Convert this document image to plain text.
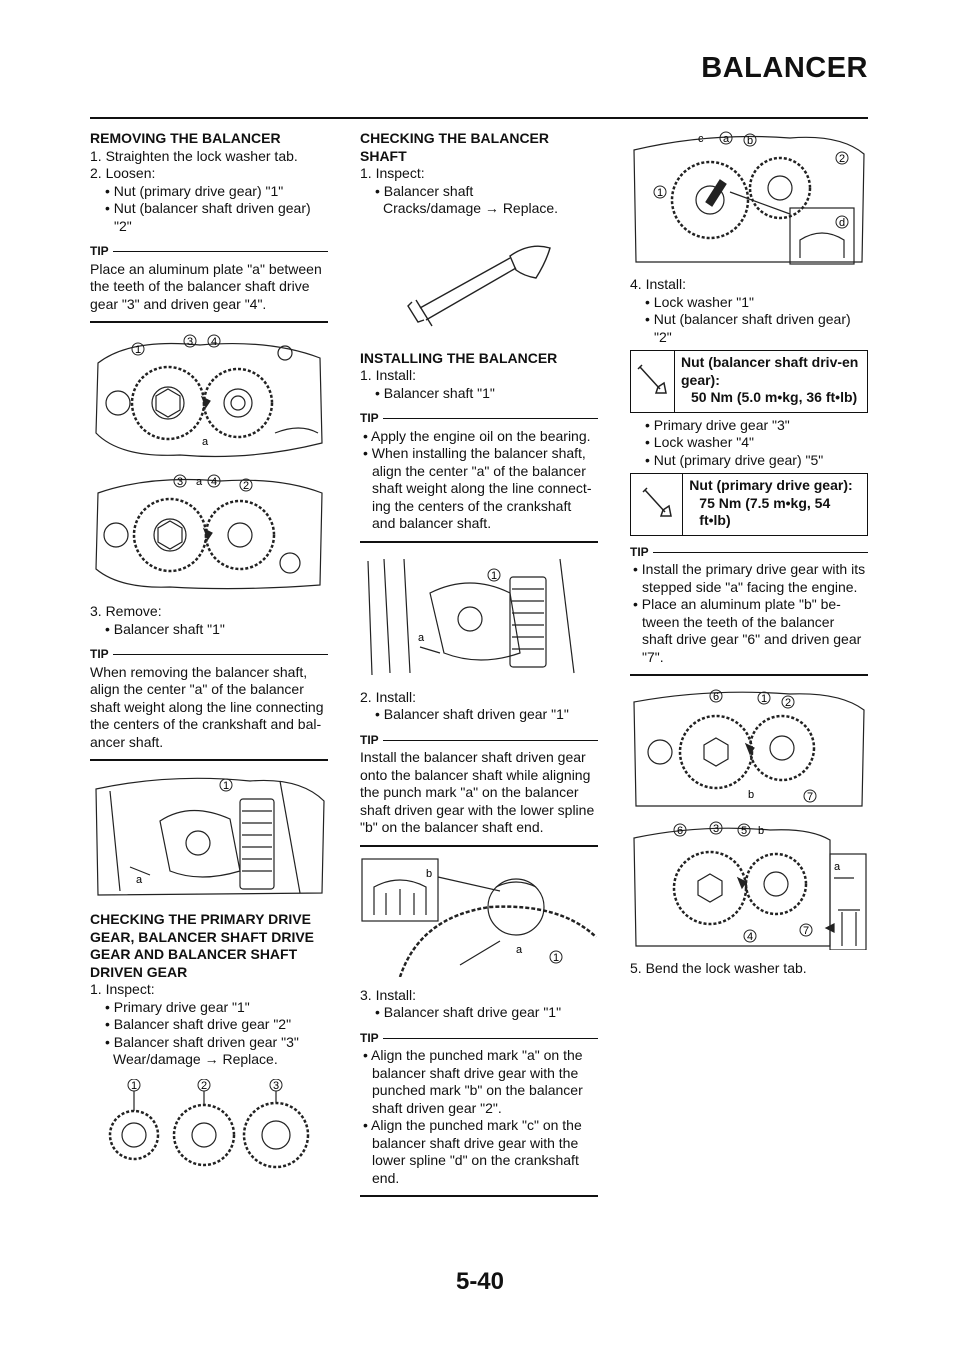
BALANCER

REMOVING THE BALANCER

1. Straighten the lock washer tab.

2. Loosen:

• Nut (primary drive gear) "1"

• Nut (balancer shaft driven gear) "2"

TIP

Place an aluminum plate "a" between the teeth of the balancer shaft drive gear "3" and driven gear "4".

1
3 4
a
3 a 4 2

3. Remove:

• Balancer shaft "1"

TIP

When removing the balancer shaft, align the center "a" of the balancer shaft weight along the line connecting the centers of the crankshaft and bal-ancer shaft.

1
a

CHECKING THE PRIMARY DRIVE GEAR, BALANCER SHAFT DRIVE GEAR AND BALANCER SHAFT DRIVEN GEAR

1. Inspect:

• Primary drive gear "1"

• Balancer shaft drive gear "2"

• Balancer shaft driven gear "3"

Wear/damage → Replace.

1	2	3

CHECKING THE BALANCER SHAFT

1. Inspect:

• Balancer shaft

Cracks/damage → Replace.

INSTALLING THE BALANCER

1. Install:

• Balancer shaft "1"

TIP

• Apply the engine oil on the bearing.

• When installing the balancer shaft, align the center "a" of the balancer shaft weight along the line connect-ing the centers of the crankshaft and balancer shaft.

1
a

2. Install:

• Balancer shaft driven gear "1"

TIP

Install the balancer shaft driven gear onto the balancer shaft while aligning the punch mark "a" on the balancer shaft driven gear with the lower spline "b" on the balancer shaft end.

b
a
1

3. Install:

• Balancer shaft drive gear "1"

TIP

• Align the punched mark "a" on the balancer shaft drive gear with the punched mark "b" on the balancer shaft driven gear "2".

• Align the punched mark "c" on the balancer shaft drive gear with the lower spline "d" on the crankshaft end.

c a b
2
1
d

4. Install:

• Lock washer "1"

• Nut (balancer shaft driven gear) "2"

Nut (balancer shaft driv-en gear):
50 Nm (5.0 m•kg, 36 ft•lb)

• Primary drive gear "3"

• Lock washer "4"

• Nut (primary drive gear) "5"

Nut (primary drive gear):
75 Nm (7.5 m•kg, 54 ft•lb)
TIP

• Install the primary drive gear with its stepped side "a" facing the engine.

• Place an aluminum plate "b" be-tween the teeth of the balancer shaft drive gear "6" and driven gear "7".

6	1 2
b	7
6	3 5 b
a
4	7

5. Bend the lock washer tab.

5-40
